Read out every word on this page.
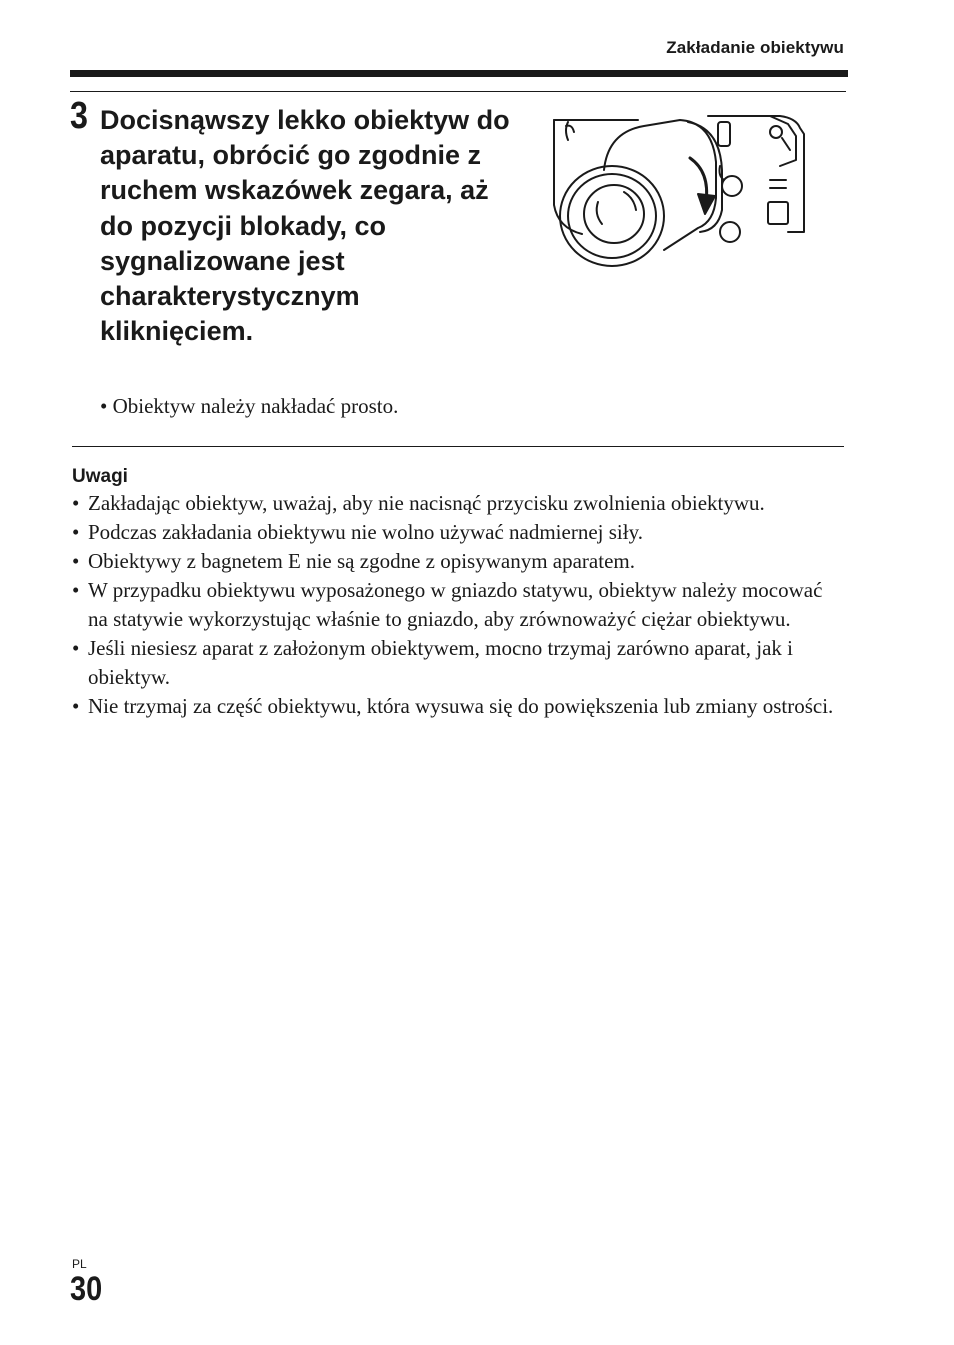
Zakładanie obiektywu
3 Docisnąwszy lekko obiektyw do aparatu, obrócić go zgodnie z ruchem wskazówek zegara, aż do pozycji blokady, co sygnalizowane jest charakterystycznym kliknięciem.

• Obiektyw należy nakładać prosto.

Uwagi
• Zakładając obiektyw, uważaj, aby nie nacisnąć przycisku zwolnienia obiektywu.
• Podczas zakładania obiektywu nie wolno używać nadmiernej siły.
• Obiektywy z bagnetem E nie są zgodne z opisywanym aparatem.
• W przypadku obiektywu wyposażonego w gniazdo statywu, obiektyw należy mocować na statywie wykorzystując właśnie to gniazdo, aby zrównoważyć ciężar obiektywu.
• Jeśli niesiesz aparat z założonym obiektywem, mocno trzymaj zarówno aparat, jak i obiektyw.
• Nie trzymaj za część obiektywu, która wysuwa się do powiększenia lub zmiany ostrości.
PL
30
